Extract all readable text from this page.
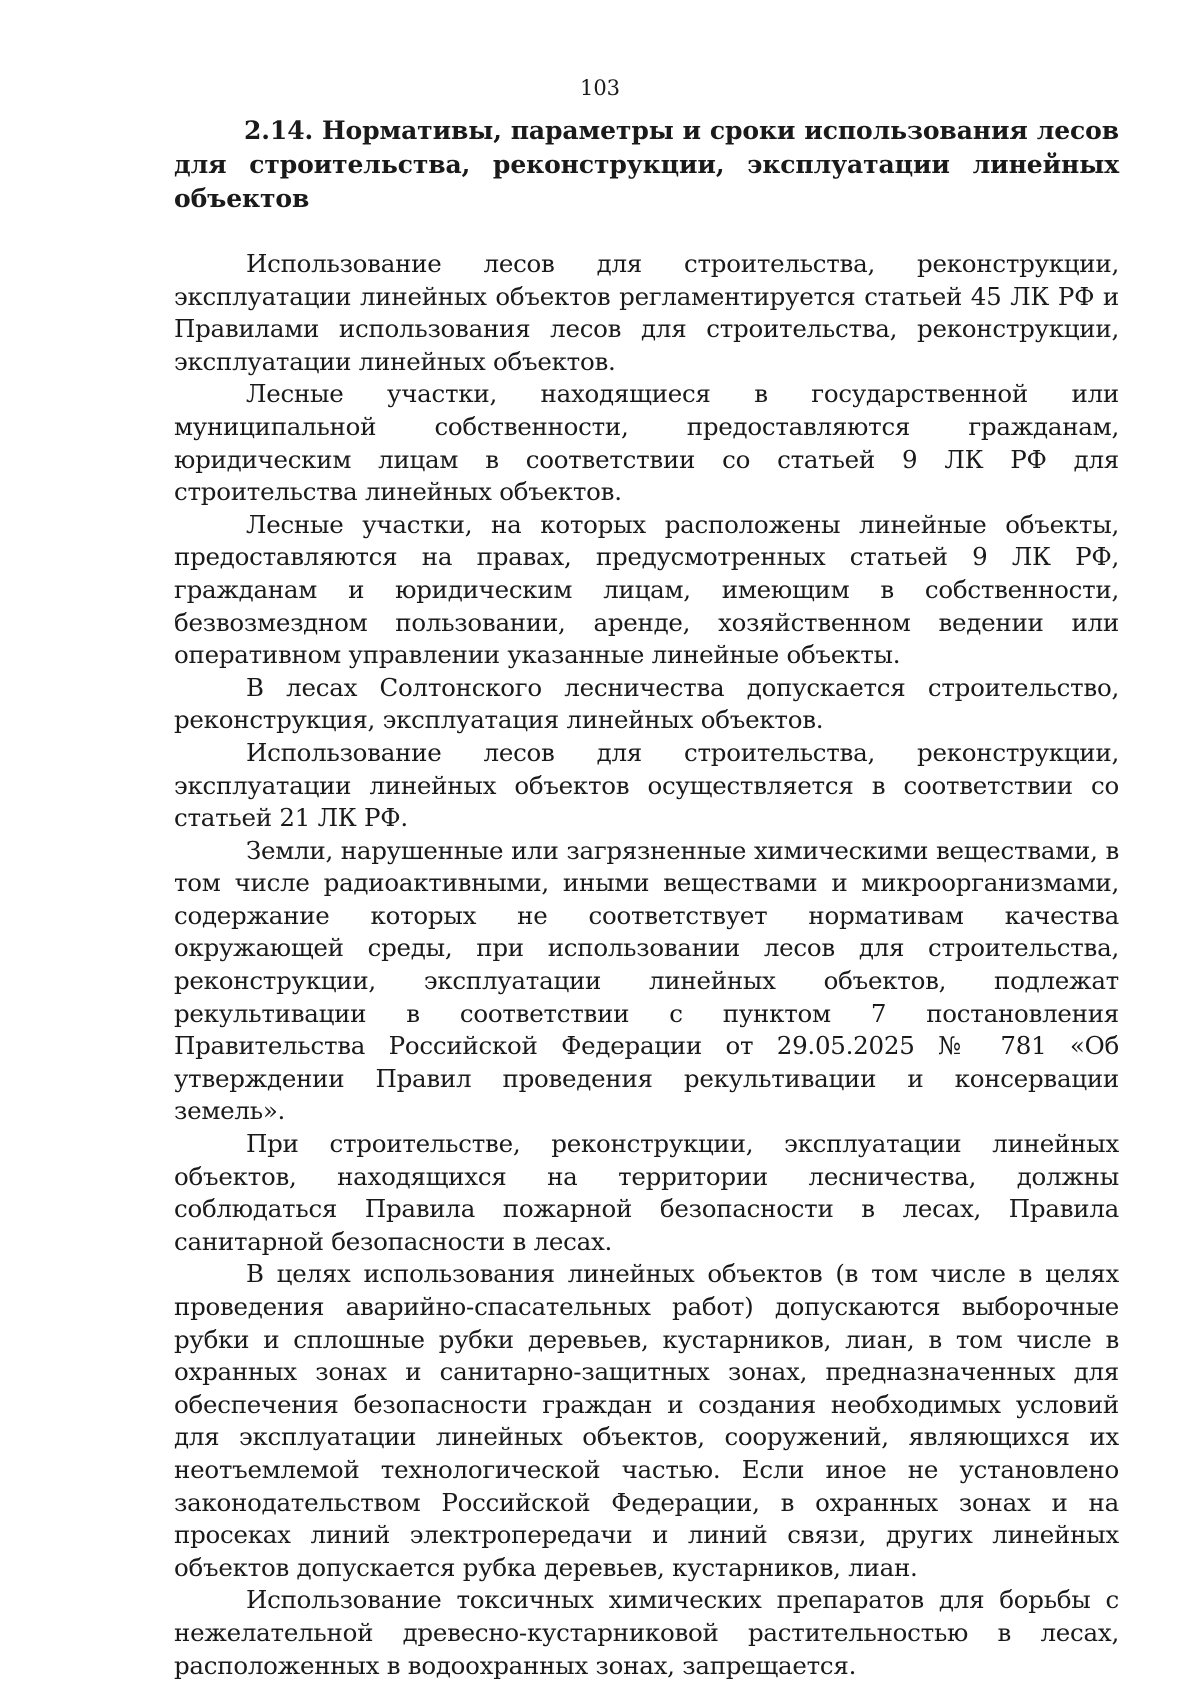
103
2.14. Нормативы, параметры и сроки использования лесов для строительства, реконструкции, эксплуатации линейных объектов

Использование лесов для строительства, реконструкции, эксплуатации линейных объектов регламентируется статьей 45 ЛК РФ и Правилами использования лесов для строительства, реконструкции, эксплуатации линейных объектов.

Лесные участки, находящиеся в государственной или муниципальной собственности, предоставляются гражданам, юридическим лицам в соответствии со статьей 9 ЛК РФ для строительства линейных объектов.

Лесные участки, на которых расположены линейные объекты, предоставляются на правах, предусмотренных статьей 9 ЛК РФ, гражданам и юридическим лицам, имеющим в собственности, безвозмездном пользовании, аренде, хозяйственном ведении или оперативном управлении указанные линейные объекты.

В лесах Солтонского лесничества допускается строительство, реконструкция, эксплуатация линейных объектов.

Использование лесов для строительства, реконструкции, эксплуатации линейных объектов осуществляется в соответствии со статьей 21 ЛК РФ.

Земли, нарушенные или загрязненные химическими веществами, в том числе радиоактивными, иными веществами и микроорганизмами, содержание которых не соответствует нормативам качества окружающей среды, при использовании лесов для строительства, реконструкции, эксплуатации линейных объектов, подлежат рекультивации в соответствии с пунктом 7 постановления Правительства Российской Федерации от 29.05.2025 № 781 «Об утверждении Правил проведения рекультивации и консервации земель».

При строительстве, реконструкции, эксплуатации линейных объектов, находящихся на территории лесничества, должны соблюдаться Правила пожарной безопасности в лесах, Правила санитарной безопасности в лесах.

В целях использования линейных объектов (в том числе в целях проведения аварийно-спасательных работ) допускаются выборочные рубки и сплошные рубки деревьев, кустарников, лиан, в том числе в охранных зонах и санитарно-защитных зонах, предназначенных для обеспечения безопасности граждан и создания необходимых условий для эксплуатации линейных объектов, сооружений, являющихся их неотъемлемой технологической частью. Если иное не установлено законодательством Российской Федерации, в охранных зонах и на просеках линий электропередачи и линий связи, других линейных объектов допускается рубка деревьев, кустарников, лиан.

Использование токсичных химических препаратов для борьбы с нежелательной древесно-кустарниковой растительностью в лесах, расположенных в водоохранных зонах, запрещается.
